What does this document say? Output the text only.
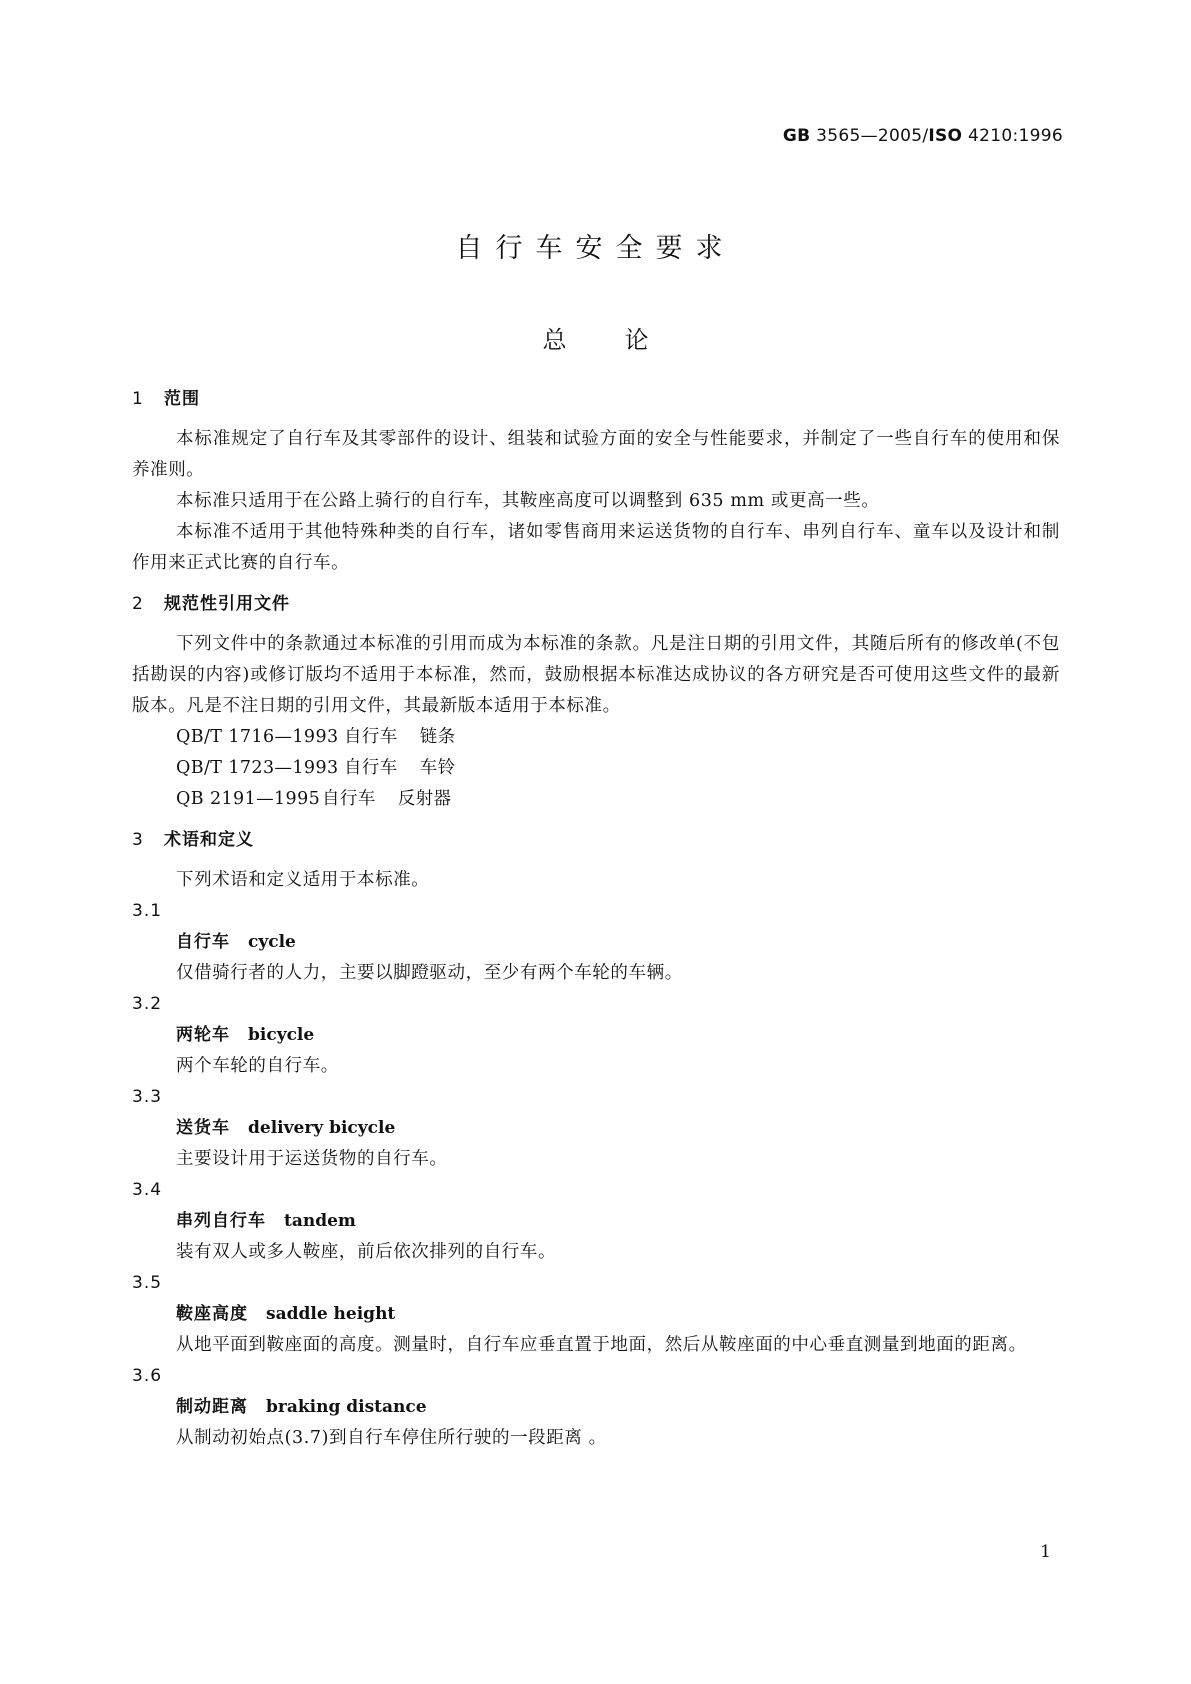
GB 3565—2005/ISO 4210:1996
自行车安全要求
总 论
1 范围

本标准规定了自行车及其零部件的设计、组装和试验方面的安全与性能要求，并制定了一些自行车的使用和保养准则。

本标准只适用于在公路上骑行的自行车，其鞍座高度可以调整到 635 mm 或更高一些。

本标准不适用于其他特殊种类的自行车，诸如零售商用来运送货物的自行车、串列自行车、童车以及设计和制作用来正式比赛的自行车。

2 规范性引用文件

下列文件中的条款通过本标准的引用而成为本标准的条款。凡是注日期的引用文件，其随后所有的修改单(不包括勘误的内容)或修订版均不适用于本标准，然而，鼓励根据本标准达成协议的各方研究是否可使用这些文件的最新版本。凡是不注日期的引用文件，其最新版本适用于本标准。

QB/T 1716—1993 自行车 链条
QB/T 1723—1993 自行车 车铃
QB 2191—1995 自行车 反射器
3 术语和定义

下列术语和定义适用于本标准。

3.1

自行车 cycle

仅借骑行者的人力，主要以脚蹬驱动，至少有两个车轮的车辆。

3.2

两轮车 bicycle

两个车轮的自行车。

3.3

送货车 delivery bicycle

主要设计用于运送货物的自行车。

3.4

串列自行车 tandem

装有双人或多人鞍座，前后依次排列的自行车。

3.5

鞍座高度 saddle height

从地平面到鞍座面的高度。测量时，自行车应垂直置于地面，然后从鞍座面的中心垂直测量到地面的距离。

3.6

制动距离 braking distance

从制动初始点(3.7)到自行车停住所行驶的一段距离 。

1
